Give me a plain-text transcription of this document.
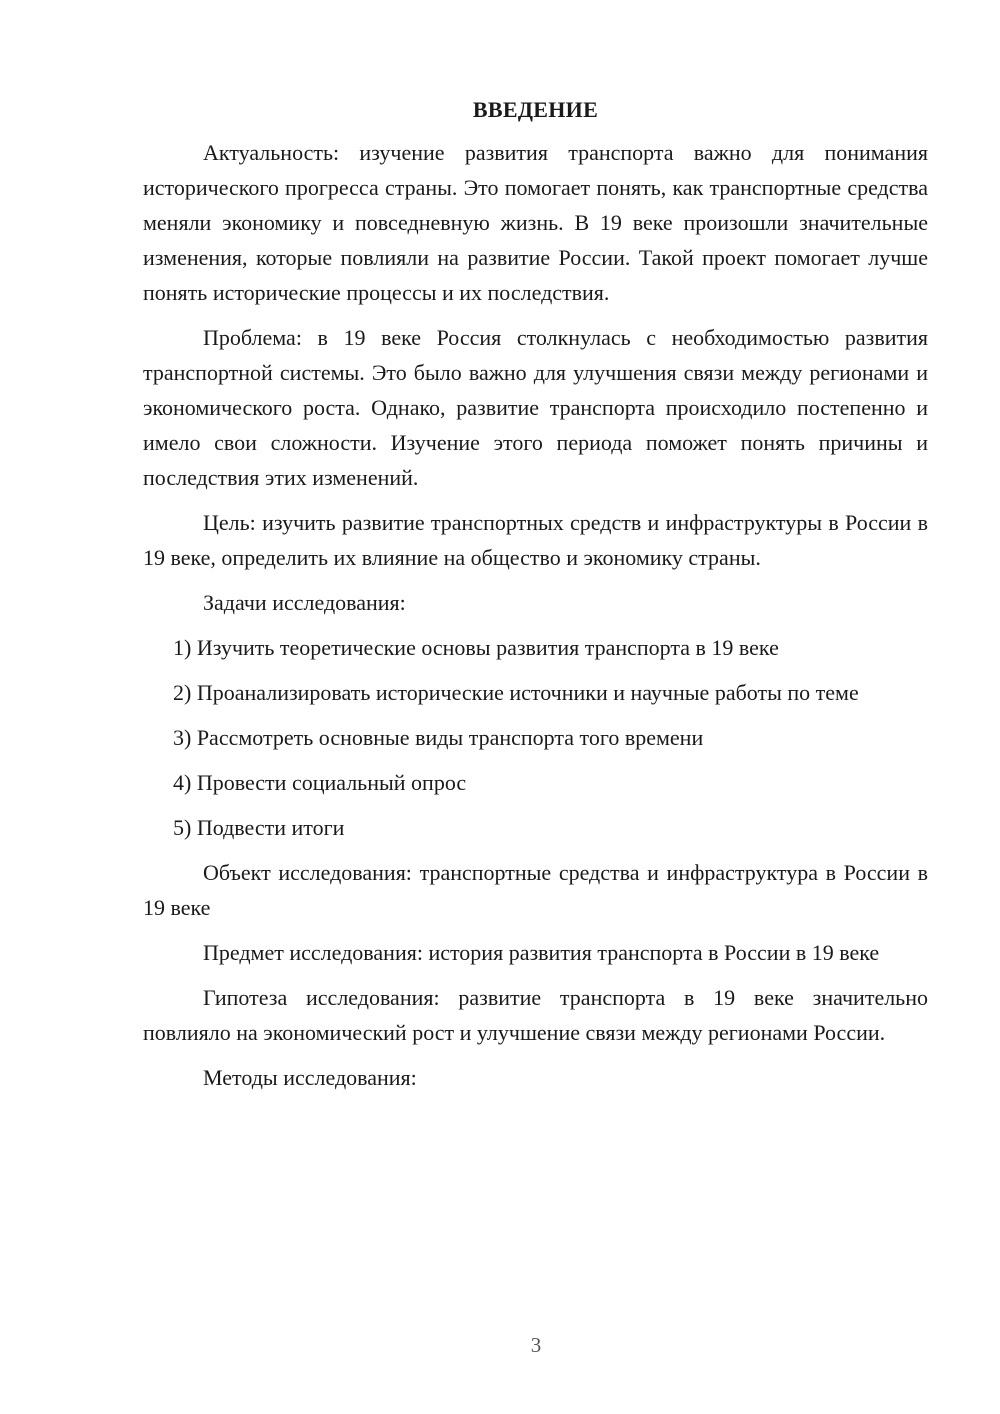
ВВЕДЕНИЕ

Актуальность: изучение развития транспорта важно для понимания исторического прогресса страны. Это помогает понять, как транспортные средства меняли экономику и повседневную жизнь. В 19 веке произошли значительные изменения, которые повлияли на развитие России. Такой проект помогает лучше понять исторические процессы и их последствия.

Проблема: в 19 веке Россия столкнулась с необходимостью развития транспортной системы. Это было важно для улучшения связи между регионами и экономического роста. Однако, развитие транспорта происходило постепенно и имело свои сложности. Изучение этого периода поможет понять причины и последствия этих изменений.

Цель: изучить развитие транспортных средств и инфраструктуры в России в 19 веке, определить их влияние на общество и экономику страны.

Задачи исследования:

1) Изучить теоретические основы развития транспорта в 19 веке

2) Проанализировать исторические источники и научные работы по теме

3) Рассмотреть основные виды транспорта того времени

4) Провести социальный опрос

5) Подвести итоги

Объект исследования: транспортные средства и инфраструктура в России в 19 веке

Предмет исследования: история развития транспорта в России в 19 веке

Гипотеза исследования: развитие транспорта в 19 веке значительно повлияло на экономический рост и улучшение связи между регионами России.

Методы исследования:

3
